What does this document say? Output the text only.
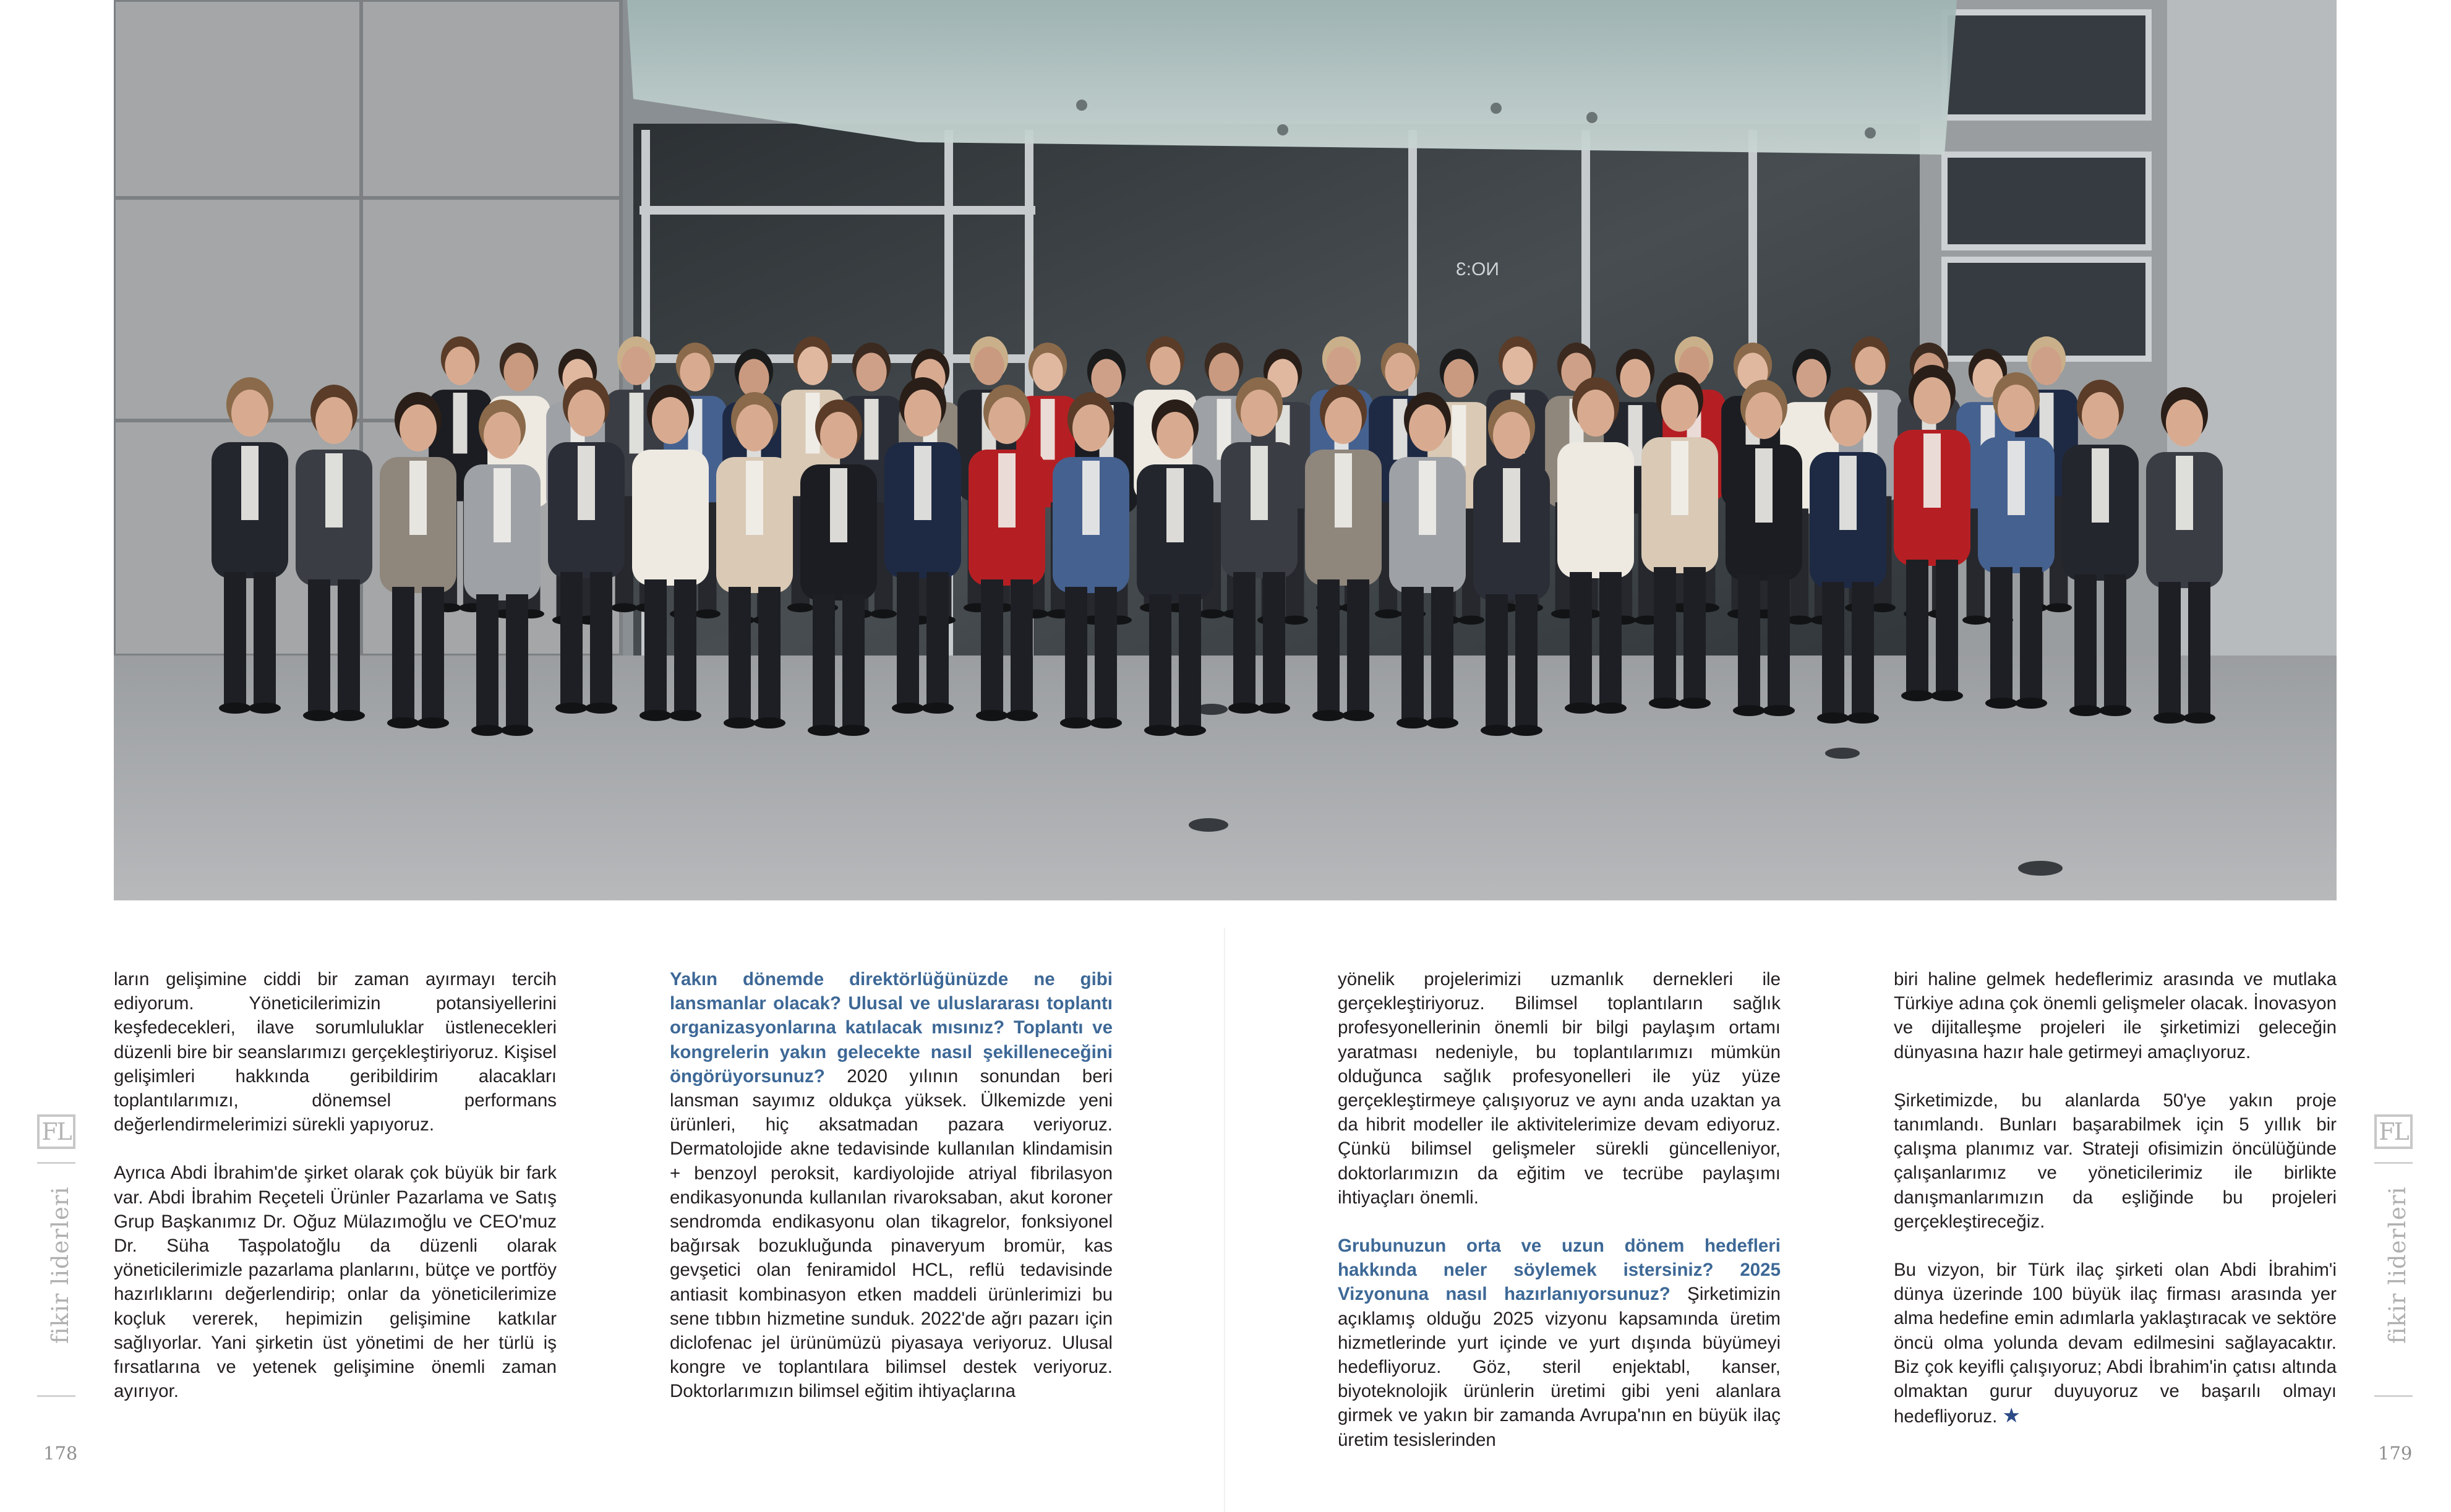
NO:3
FL
fikir liderleri
178
FL
fikir liderleri
179

ların gelişimine ciddi bir zaman ayırmayı tercih ediyorum. Yöneticilerimizin potansiyellerini keşfedecekleri, ilave sorumluluklar üstlenecekleri düzenli bire bir seanslarımızı gerçekleştiriyoruz. Kişisel gelişimleri hakkında geribildirim alacakları toplantılarımızı, dönemsel performans değerlendirmelerimizi sürekli yapıyoruz.

Ayrıca Abdi İbrahim'de şirket olarak çok büyük bir fark var. Abdi İbrahim Reçeteli Ürünler Pazarlama ve Satış Grup Başkanımız Dr. Oğuz Mülazımoğlu ve CEO'muz Dr. Süha Taşpolatoğlu da düzenli olarak yöneticilerimizle pazarlama planlarını, bütçe ve portföy hazırlıklarını değerlendirip; onlar da yöneticilerimize koçluk vererek, hepimizin gelişimine katkılar sağlıyorlar. Yani şirketin üst yönetimi de her türlü iş fırsatlarına ve yetenek gelişimine önemli zaman ayırıyor.

Yakın dönemde direktörlüğünüzde ne gibi lansmanlar olacak? Ulusal ve uluslararası toplantı organizasyonlarına katılacak mısınız? Toplantı ve kongrelerin yakın gelecekte nasıl şekilleneceğini öngörüyorsunuz? 2020 yılının sonundan beri lansman sayımız oldukça yüksek. Ülkemizde yeni ürünleri, hiç aksatmadan pazara veriyoruz. Dermatolojide akne tedavisinde kullanılan klindamisin + benzoyl peroksit, kardiyolojide atriyal fibrilasyon endikasyonunda kullanılan rivaroksaban, akut koroner sendromda endikasyonu olan tikagrelor, fonksiyonel bağırsak bozukluğunda pinaveryum bromür, kas gevşetici olan feniramidol HCL, reflü tedavisinde antiasit kombinasyon etken maddeli ürünlerimizi bu sene tıbbın hizmetine sunduk. 2022'de ağrı pazarı için diclofenac jel ürünümüzü piyasaya veriyoruz. Ulusal kongre ve toplantılara bilimsel destek veriyoruz. Doktorlarımızın bilimsel eğitim ihtiyaçlarına

yönelik projelerimizi uzmanlık dernekleri ile gerçekleştiriyoruz. Bilimsel toplantıların sağlık profesyonellerinin önemli bir bilgi paylaşım ortamı yaratması nedeniyle, bu toplantılarımızı mümkün olduğunca sağlık profesyonelleri ile yüz yüze gerçekleştirmeye çalışıyoruz ve aynı anda uzaktan ya da hibrit modeller ile aktivitelerimize devam ediyoruz. Çünkü bilimsel gelişmeler sürekli güncelleniyor, doktorlarımızın da eğitim ve tecrübe paylaşımı ihtiyaçları önemli.

Grubunuzun orta ve uzun dönem hedefleri hakkında neler söylemek istersiniz? 2025 Vizyonuna nasıl hazırlanıyorsunuz? Şirketimizin açıklamış olduğu 2025 vizyonu kapsamında üretim hizmetlerinde yurt içinde ve yurt dışında büyümeyi hedefliyoruz. Göz, steril enjektabl, kanser, biyoteknolojik ürünlerin üretimi gibi yeni alanlara girmek ve yakın bir zamanda Avrupa'nın en büyük ilaç üretim tesislerinden

biri haline gelmek hedeflerimiz arasında ve mutlaka Türkiye adına çok önemli gelişmeler olacak. İnovasyon ve dijitalleşme projeleri ile şirketimizi geleceğin dünyasına hazır hale getirmeyi amaçlıyoruz.

Şirketimizde, bu alanlarda 50'ye yakın proje tanımlandı. Bunları başarabilmek için 5 yıllık bir çalışma planımız var. Strateji ofisimizin öncülüğünde çalışanlarımız ve yöneticilerimiz ile birlikte danışmanlarımızın da eşliğinde bu projeleri gerçekleştireceğiz.

Bu vizyon, bir Türk ilaç şirketi olan Abdi İbrahim'i dünya üzerinde 100 büyük ilaç firması arasında yer alma hedefine emin adımlarla yaklaştıracak ve sektöre öncü olma yolunda devam edilmesini sağlayacaktır. Biz çok keyifli çalışıyoruz; Abdi İbrahim'in çatısı altında olmaktan gurur duyuyoruz ve başarılı olmayı hedefliyoruz. ★
